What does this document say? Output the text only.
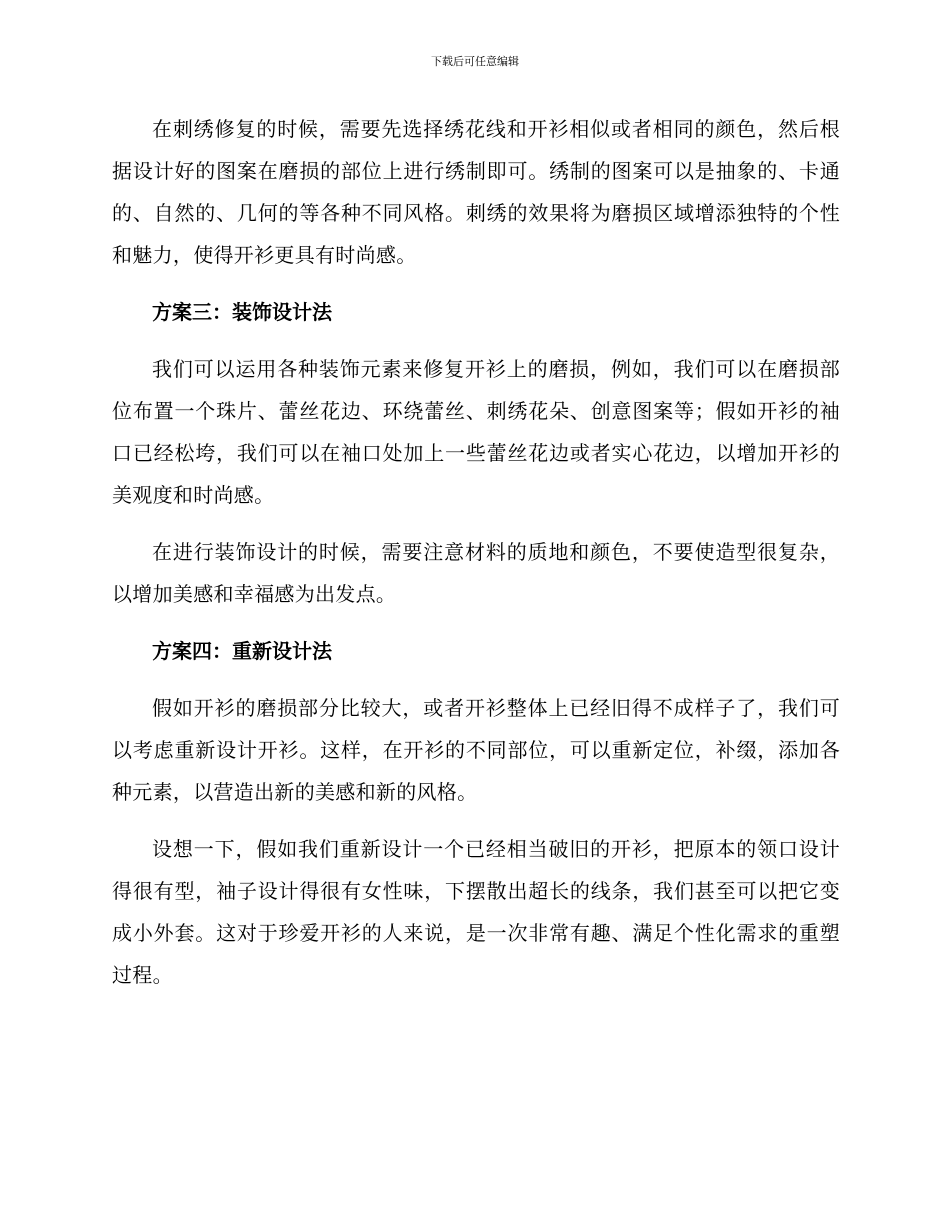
下载后可任意编辑

在刺绣修复的时候，需要先选择绣花线和开衫相似或者相同的颜色，然后根据设计好的图案在磨损的部位上进行绣制即可。绣制的图案可以是抽象的、卡通的、自然的、几何的等各种不同风格。刺绣的效果将为磨损区域增添独特的个性和魅力，使得开衫更具有时尚感。

方案三：装饰设计法

我们可以运用各种装饰元素来修复开衫上的磨损，例如，我们可以在磨损部位布置一个珠片、蕾丝花边、环绕蕾丝、刺绣花朵、创意图案等；假如开衫的袖口已经松垮，我们可以在袖口处加上一些蕾丝花边或者实心花边，以增加开衫的美观度和时尚感。

在进行装饰设计的时候，需要注意材料的质地和颜色，不要使造型很复杂，以增加美感和幸福感为出发点。

方案四：重新设计法

假如开衫的磨损部分比较大，或者开衫整体上已经旧得不成样子了，我们可以考虑重新设计开衫。这样，在开衫的不同部位，可以重新定位，补缀，添加各种元素，以营造出新的美感和新的风格。

设想一下，假如我们重新设计一个已经相当破旧的开衫，把原本的领口设计得很有型，袖子设计得很有女性味，下摆散出超长的线条，我们甚至可以把它变成小外套。这对于珍爱开衫的人来说，是一次非常有趣、满足个性化需求的重塑过程。
